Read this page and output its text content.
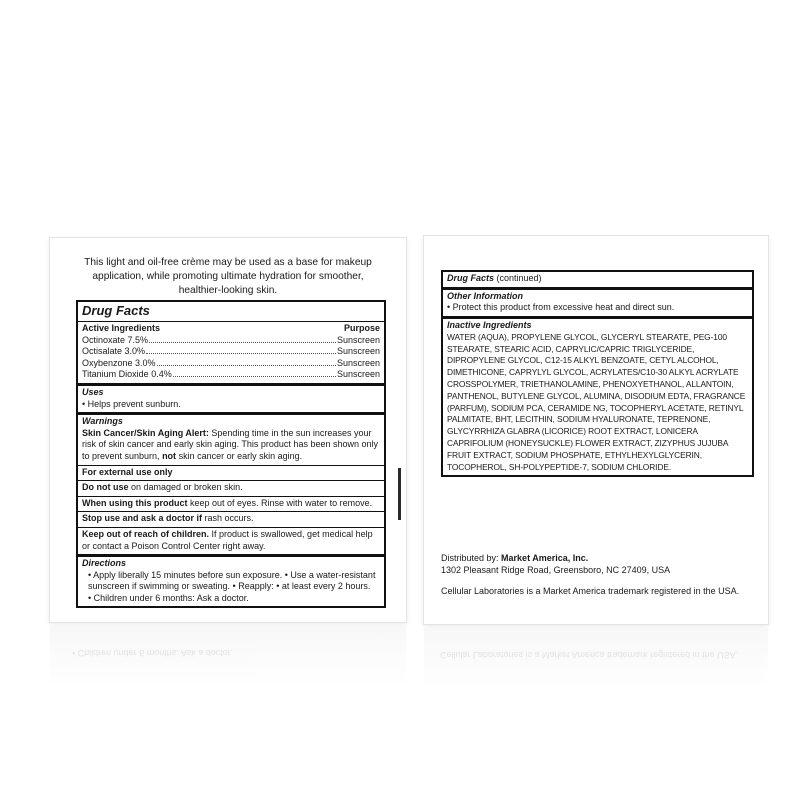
• Children under 6 months: Ask a doctor.	Cellular Laboratories is a Market America trademark registered in the USA.
This light and oil-free crème may be used as a base for makeup application, while promoting ultimate hydration for smoother, healthier-looking skin.
Drug Facts
Active Ingredients	Purpose
Octinoxate 7.5%	Sunscreen
Octisalate 3.0%	Sunscreen
Oxybenzone 3.0%	Sunscreen
Titanium Dioxide 0.4%	Sunscreen
Uses
• Helps prevent sunburn.
Warnings
Skin Cancer/Skin Aging Alert: Spending time in the sun increases your risk of skin cancer and early skin aging. This product has been shown only to prevent sunburn, not skin cancer or early skin aging.
For external use only
Do not use on damaged or broken skin.
When using this product keep out of eyes. Rinse with water to remove.
Stop use and ask a doctor if rash occurs.
Keep out of reach of children. If product is swallowed, get medical help or contact a Poison Control Center right away.
Directions
• Apply liberally 15 minutes before sun exposure. • Use a water-resistant sunscreen if swimming or sweating. • Reapply: • at least every 2 hours.
• Children under 6 months: Ask a doctor.
Drug Facts (continued)
Other Information
• Protect this product from excessive heat and direct sun.
Inactive Ingredients
WATER (AQUA), PROPYLENE GLYCOL, GLYCERYL STEARATE, PEG-100 STEARATE, STEARIC ACID, CAPRYLIC/CAPRIC TRIGLYCERIDE, DIPROPYLENE GLYCOL, C12-15 ALKYL BENZOATE, CETYL ALCOHOL, DIMETHICONE, CAPRYLYL GLYCOL, ACRYLATES/C10-30 ALKYL ACRYLATE CROSSPOLYMER, TRIETHANOLAMINE, PHENOXYETHANOL, ALLANTOIN, PANTHENOL, BUTYLENE GLYCOL, ALUMINA, DISODIUM EDTA, FRAGRANCE (PARFUM), SODIUM PCA, CERAMIDE NG, TOCOPHERYL ACETATE, RETINYL PALMITATE, BHT, LECITHIN, SODIUM HYALURONATE, TEPRENONE, GLYCYRRHIZA GLABRA (LICORICE) ROOT EXTRACT, LONICERA CAPRIFOLIUM (HONEYSUCKLE) FLOWER EXTRACT, ZIZYPHUS JUJUBA FRUIT EXTRACT, SODIUM PHOSPHATE, ETHYLHEXYLGLYCERIN, TOCOPHEROL, SH-POLYPEPTIDE-7, SODIUM CHLORIDE.
Distributed by: Market America, Inc.
1302 Pleasant Ridge Road, Greensboro, NC 27409, USA
Cellular Laboratories is a Market America trademark registered in the USA.
